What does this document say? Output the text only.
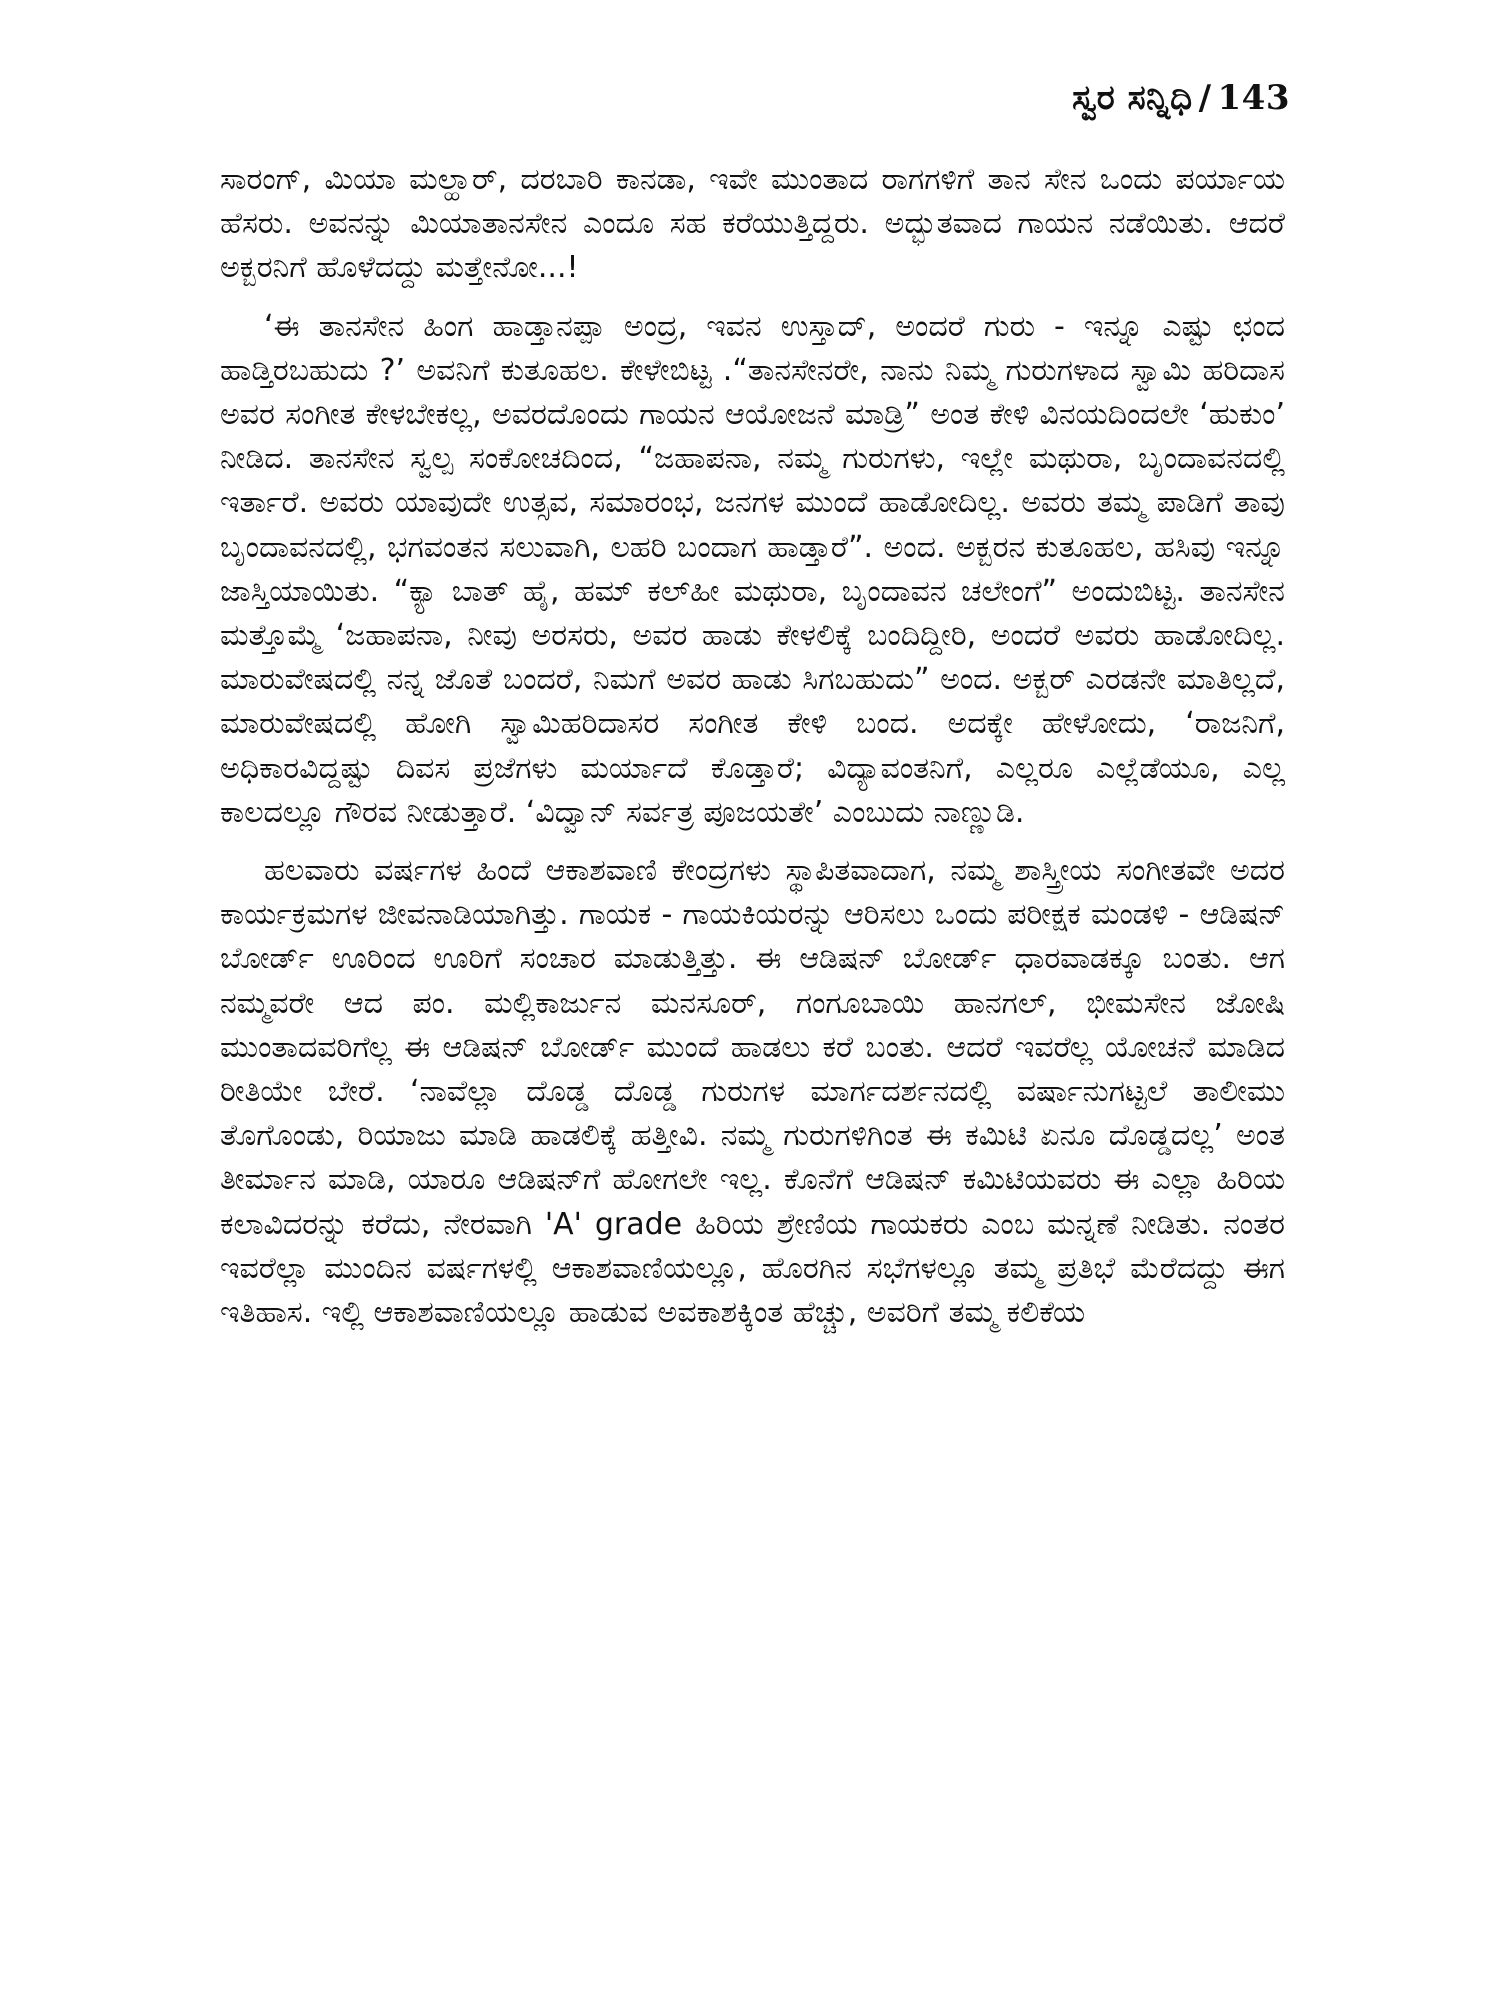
ಸ್ವರ ಸನ್ನಿಧಿ / 143

ಸಾರಂಗ್, ಮಿಯಾ ಮಲ್ಹಾರ್, ದರಬಾರಿ ಕಾನಡಾ, ಇವೇ ಮುಂತಾದ ರಾಗಗಳಿಗೆ ತಾನ ಸೇನ ಒಂದು ಪರ್ಯಾಯ ಹೆಸರು. ಅವನನ್ನು ಮಿಯಾತಾನಸೇನ ಎಂದೂ ಸಹ ಕರೆಯುತ್ತಿದ್ದರು. ಅದ್ಭುತವಾದ ಗಾಯನ ನಡೆಯಿತು. ಆದರೆ ಅಕ್ಬರನಿಗೆ ಹೊಳೆದದ್ದು ಮತ್ತೇನೋ...!

‘ಈ ತಾನಸೇನ ಹಿಂಗ ಹಾಡ್ತಾನಪ್ಪಾ ಅಂದ್ರ, ಇವನ ಉಸ್ತಾದ್, ಅಂದರೆ ಗುರು - ಇನ್ನೂ ಎಷ್ಟು ಛಂದ ಹಾಡ್ತಿರಬಹುದು ?’ ಅವನಿಗೆ ಕುತೂಹಲ. ಕೇಳೇಬಿಟ್ಟ .“ತಾನಸೇನರೇ, ನಾನು ನಿಮ್ಮ ಗುರುಗಳಾದ ಸ್ವಾಮಿ ಹರಿದಾಸ ಅವರ ಸಂಗೀತ ಕೇಳಬೇಕಲ್ಲ, ಅವರದೊಂದು ಗಾಯನ ಆಯೋಜನೆ ಮಾಡ್ರಿ” ಅಂತ ಕೇಳಿ ವಿನಯದಿಂದಲೇ ‘ಹುಕುಂ’ ನೀಡಿದ. ತಾನಸೇನ ಸ್ವಲ್ಪ ಸಂಕೋಚದಿಂದ, “ಜಹಾಪನಾ, ನಮ್ಮ ಗುರುಗಳು, ಇಲ್ಲೇ ಮಥುರಾ, ಬೃಂದಾವನದಲ್ಲಿ ಇರ್ತಾರೆ. ಅವರು ಯಾವುದೇ ಉತ್ಸವ, ಸಮಾರಂಭ, ಜನಗಳ ಮುಂದೆ ಹಾಡೋದಿಲ್ಲ. ಅವರು ತಮ್ಮ ಪಾಡಿಗೆ ತಾವು ಬೃಂದಾವನದಲ್ಲಿ, ಭಗವಂತನ ಸಲುವಾಗಿ, ಲಹರಿ ಬಂದಾಗ ಹಾಡ್ತಾರೆ”. ಅಂದ. ಅಕ್ಬರನ ಕುತೂಹಲ, ಹಸಿವು ಇನ್ನೂ ಜಾಸ್ತಿಯಾಯಿತು. “ಕ್ಯಾ ಬಾತ್ ಹೈ, ಹಮ್ ಕಲ್‌ಹೀ ಮಥುರಾ, ಬೃಂದಾವನ ಚಲೇಂಗೆ” ಅಂದುಬಿಟ್ಟ. ತಾನಸೇನ ಮತ್ತೊಮ್ಮೆ ‘ಜಹಾಪನಾ, ನೀವು ಅರಸರು, ಅವರ ಹಾಡು ಕೇಳಲಿಕ್ಕೆ ಬಂದಿದ್ದೀರಿ, ಅಂದರೆ ಅವರು ಹಾಡೋದಿಲ್ಲ. ಮಾರುವೇಷದಲ್ಲಿ ನನ್ನ ಜೊತೆ ಬಂದರೆ, ನಿಮಗೆ ಅವರ ಹಾಡು ಸಿಗಬಹುದು” ಅಂದ. ಅಕ್ಬರ್ ಎರಡನೇ ಮಾತಿಲ್ಲದೆ, ಮಾರುವೇಷದಲ್ಲಿ ಹೋಗಿ ಸ್ವಾಮಿಹರಿದಾಸರ ಸಂಗೀತ ಕೇಳಿ ಬಂದ. ಅದಕ್ಕೇ ಹೇಳೋದು, ‘ರಾಜನಿಗೆ, ಅಧಿಕಾರವಿದ್ದಷ್ಟು ದಿವಸ ಪ್ರಜೆಗಳು ಮರ್ಯಾದೆ ಕೊಡ್ತಾರೆ; ವಿದ್ಯಾವಂತನಿಗೆ, ಎಲ್ಲರೂ ಎಲ್ಲೆಡೆಯೂ, ಎಲ್ಲ ಕಾಲದಲ್ಲೂ ಗೌರವ ನೀಡುತ್ತಾರೆ. ‘ವಿದ್ವಾನ್ ಸರ್ವತ್ರ ಪೂಜಯತೇ’ ಎಂಬುದು ನಾಣ್ಣುಡಿ.

ಹಲವಾರು ವರ್ಷಗಳ ಹಿಂದೆ ಆಕಾಶವಾಣಿ ಕೇಂದ್ರಗಳು ಸ್ಥಾಪಿತವಾದಾಗ, ನಮ್ಮ ಶಾಸ್ತ್ರೀಯ ಸಂಗೀತವೇ ಅದರ ಕಾರ್ಯಕ್ರಮಗಳ ಜೀವನಾಡಿಯಾಗಿತ್ತು. ಗಾಯಕ - ಗಾಯಕಿಯರನ್ನು ಆರಿಸಲು ಒಂದು ಪರೀಕ್ಷಕ ಮಂಡಳಿ - ಆಡಿಷನ್ ಬೋರ್ಡ್ ಊರಿಂದ ಊರಿಗೆ ಸಂಚಾರ ಮಾಡುತ್ತಿತ್ತು. ಈ ಆಡಿಷನ್ ಬೋರ್ಡ್ ಧಾರವಾಡಕ್ಕೂ ಬಂತು. ಆಗ ನಮ್ಮವರೇ ಆದ ಪಂ. ಮಲ್ಲಿಕಾರ್ಜುನ ಮನಸೂರ್, ಗಂಗೂಬಾಯಿ ಹಾನಗಲ್, ಭೀಮಸೇನ ಜೋಷಿ ಮುಂತಾದವರಿಗೆಲ್ಲ ಈ ಆಡಿಷನ್ ಬೋರ್ಡ್ ಮುಂದೆ ಹಾಡಲು ಕರೆ ಬಂತು. ಆದರೆ ಇವರೆಲ್ಲ ಯೋಚನೆ ಮಾಡಿದ ರೀತಿಯೇ ಬೇರೆ. ‘ನಾವೆಲ್ಲಾ ದೊಡ್ಡ ದೊಡ್ಡ ಗುರುಗಳ ಮಾರ್ಗದರ್ಶನದಲ್ಲಿ ವರ್ಷಾನುಗಟ್ಟಲೆ ತಾಲೀಮು ತೊಗೊಂಡು, ರಿಯಾಜು ಮಾಡಿ ಹಾಡಲಿಕ್ಕೆ ಹತ್ತೀವಿ. ನಮ್ಮ ಗುರುಗಳಿಗಿಂತ ಈ ಕಮಿಟಿ ಏನೂ ದೊಡ್ಡದಲ್ಲ’ ಅಂತ ತೀರ್ಮಾನ ಮಾಡಿ, ಯಾರೂ ಆಡಿಷನ್‌ಗೆ ಹೋಗಲೇ ಇಲ್ಲ. ಕೊನೆಗೆ ಆಡಿಷನ್ ಕಮಿಟಿಯವರು ಈ ಎಲ್ಲಾ ಹಿರಿಯ ಕಲಾವಿದರನ್ನು ಕರೆದು, ನೇರವಾಗಿ 'A' grade ಹಿರಿಯ ಶ್ರೇಣಿಯ ಗಾಯಕರು ಎಂಬ ಮನ್ನಣೆ ನೀಡಿತು. ನಂತರ ಇವರೆಲ್ಲಾ ಮುಂದಿನ ವರ್ಷಗಳಲ್ಲಿ ಆಕಾಶವಾಣಿಯಲ್ಲೂ, ಹೊರಗಿನ ಸಭೆಗಳಲ್ಲೂ ತಮ್ಮ ಪ್ರತಿಭೆ ಮೆರೆದದ್ದು ಈಗ ಇತಿಹಾಸ. ಇಲ್ಲಿ ಆಕಾಶವಾಣಿಯಲ್ಲೂ ಹಾಡುವ ಅವಕಾಶಕ್ಕಿಂತ ಹೆಚ್ಚು, ಅವರಿಗೆ ತಮ್ಮ ಕಲಿಕೆಯ
